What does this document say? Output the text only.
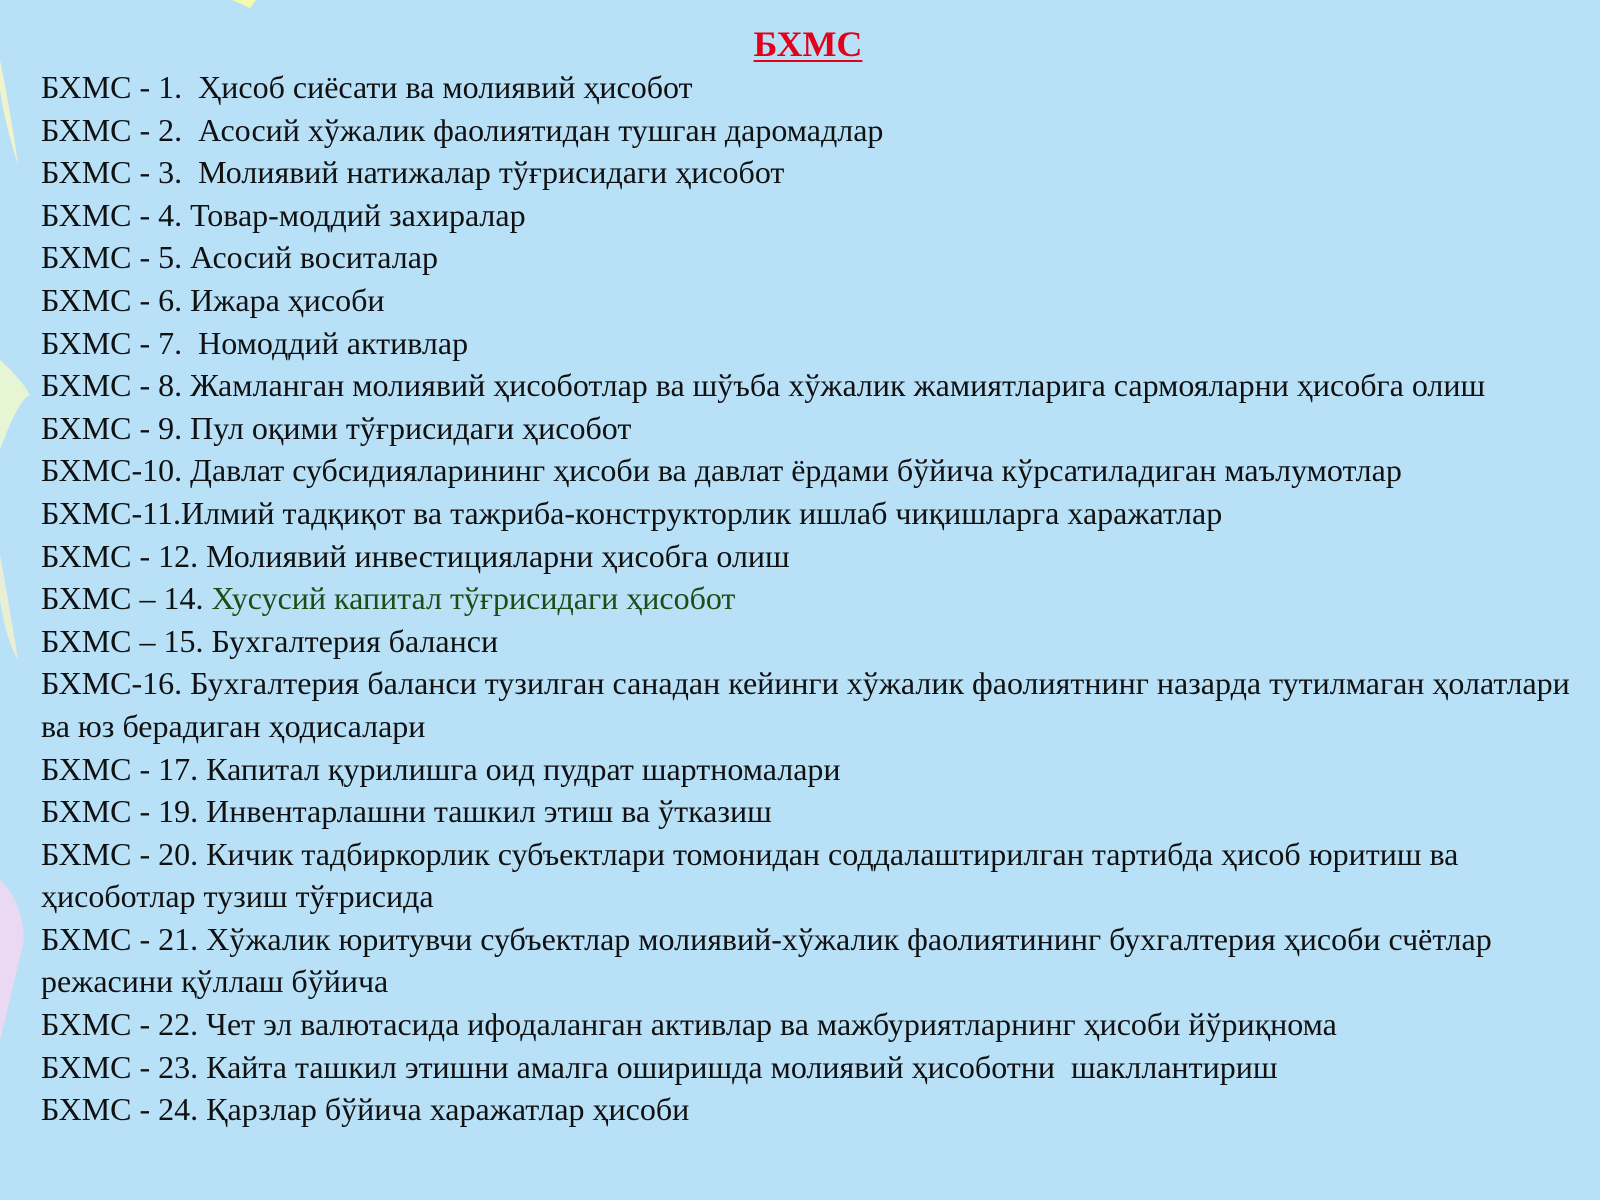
БХМС
БХМС - 1.  Ҳисоб сиёсати ва молиявий ҳисобот
БХМС - 2.  Асосий хўжалик фаолиятидан тушган даромадлар
БХМС - 3.  Молиявий натижалар тўғрисидаги ҳисобот
БХМС - 4. Товар-моддий захиралар
БХМС - 5. Асосий воситалар
БХМС - 6. Ижара ҳисоби
БХМС - 7.  Номоддий активлар
БХМС - 8. Жамланган молиявий ҳисоботлар ва шўъба хўжалик жамиятларига сармояларни ҳисобга олиш
БХМС - 9. Пул оқими тўғрисидаги ҳисобот
БХМС-10. Давлат субсидияларининг ҳисоби ва давлат ёрдами бўйича кўрсатиладиган маълумотлар
БХМС-11.Илмий тадқиқот ва тажриба-конструкторлик ишлаб чиқишларга харажатлар
БХМС - 12. Молиявий инвестицияларни ҳисобга олиш
БХМС – 14. Хусусий капитал тўғрисидаги ҳисобот
БХМС – 15. Бухгалтерия баланси
БХМС-16. Бухгалтерия баланси тузилган санадан кейинги хўжалик фаолиятнинг назарда тутилмаган ҳолатлари ва юз берадиган ҳодисалари
БХМС - 17. Капитал қурилишга оид пудрат шартномалари
БХМС - 19. Инвентарлашни ташкил этиш ва ўтказиш
БХМС - 20. Кичик тадбиркорлик субъектлари томонидан соддалаштирилган тартибда ҳисоб юритиш ва ҳисоботлар тузиш тўғрисида
БХМС - 21. Хўжалик юритувчи субъектлар молиявий-хўжалик фаолиятининг бухгалтерия ҳисоби счётлар режасини қўллаш бўйича
БХМС - 22. Чет эл валютасида ифодаланган активлар ва мажбуриятларнинг ҳисоби йўриқнома
БХМС - 23. Кайта ташкил этишни амалга оширишда молиявий ҳисоботни  шакллантириш
БХМС - 24. Қарзлар бўйича харажатлар ҳисоби
